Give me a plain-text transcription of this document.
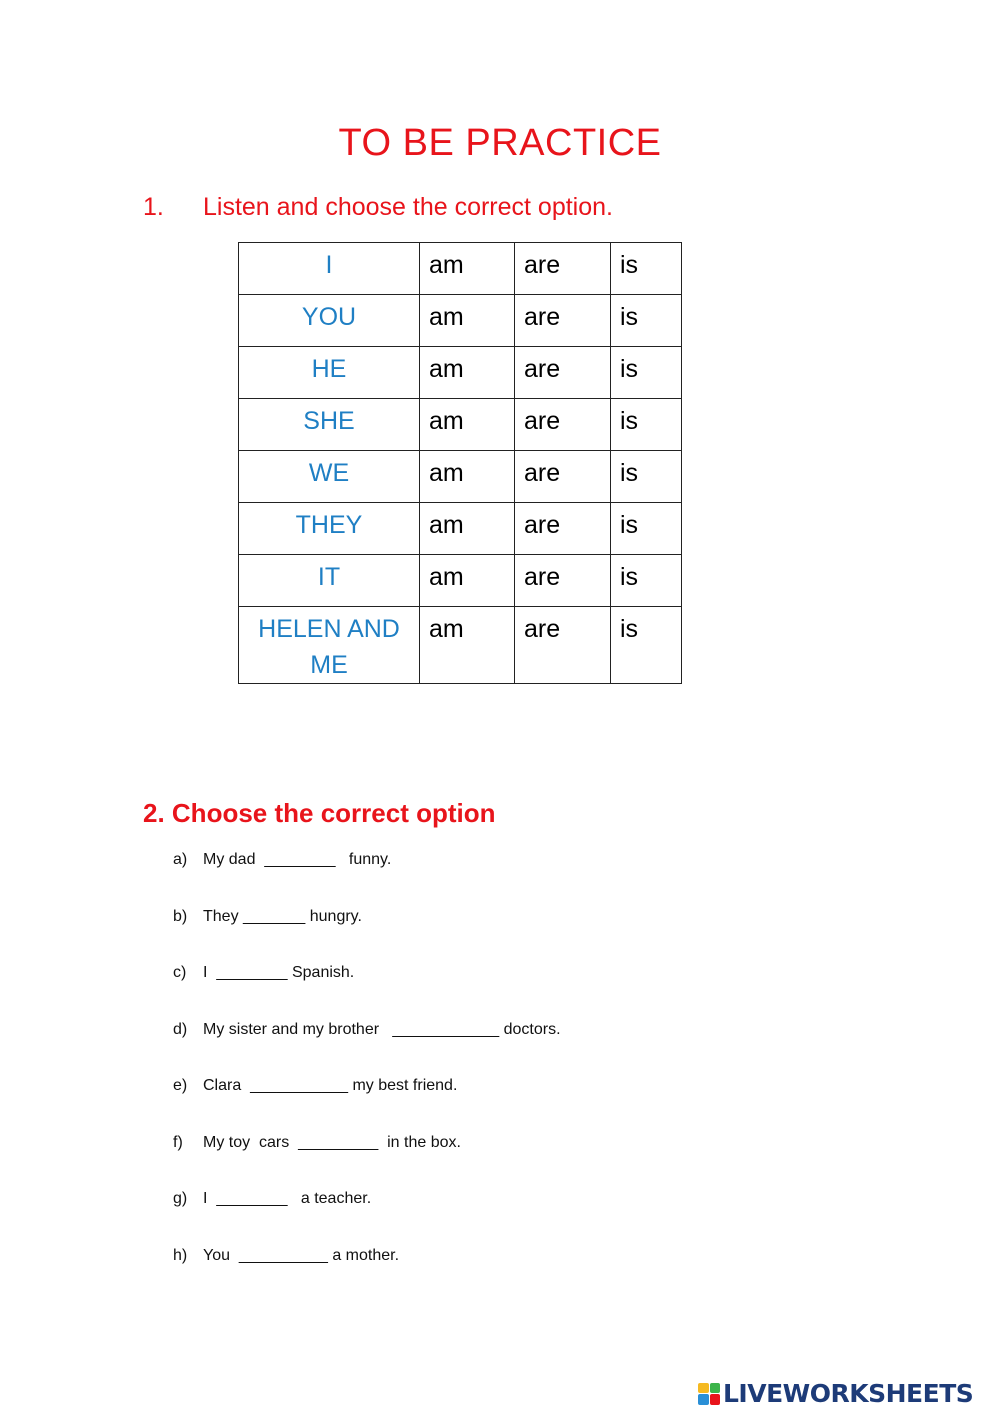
TO BE PRACTICE
1. Listen and choose the correct option.
I	am	are	is
YOU	am	are	is
HE	am	are	is
SHE	am	are	is
WE	am	are	is
THEY	am	are	is
IT	am	are	is
HELEN AND ME	am	are	is
2. Choose the correct option
a) My dad  ________   funny.
b) They _______ hungry.
c) I  ________ Spanish.
d) My sister and my brother   ____________ doctors.
e) Clara  ___________ my best friend.
f) My toy  cars  _________  in the box.
g) I  ________   a teacher.
h) You  __________ a mother.
LIVEWORKSHEETS
